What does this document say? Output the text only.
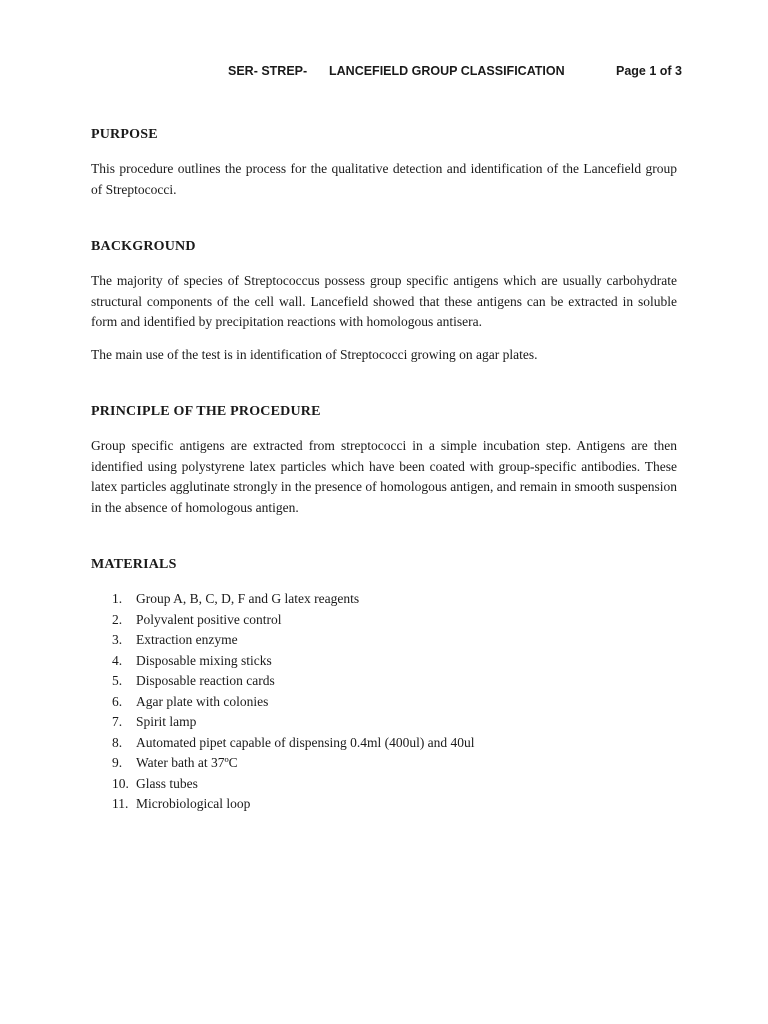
SER- STREP- LANCEFIELD GROUP CLASSIFICATION	Page 1 of 3
PURPOSE

This procedure outlines the process for the qualitative detection and identification of the Lancefield group of Streptococci.

BACKGROUND

The majority of species of Streptococcus possess group specific antigens which are usually carbohydrate structural components of the cell wall. Lancefield showed that these antigens can be extracted in soluble form and identified by precipitation reactions with homologous antisera.

The main use of the test is in identification of Streptococci growing on agar plates.

PRINCIPLE OF THE PROCEDURE

Group specific antigens are extracted from streptococci in a simple incubation step. Antigens are then identified using polystyrene latex particles which have been coated with group-specific antibodies. These latex particles agglutinate strongly in the presence of homologous antigen, and remain in smooth suspension in the absence of homologous antigen.

MATERIALS
1. Group A, B, C, D, F and G latex reagents
2. Polyvalent positive control
3. Extraction enzyme
4. Disposable mixing sticks
5. Disposable reaction cards
6. Agar plate with colonies
7. Spirit lamp
8. Automated pipet capable of dispensing 0.4ml (400ul) and 40ul
9. Water bath at 37ºC
10. Glass tubes
11. Microbiological loop
